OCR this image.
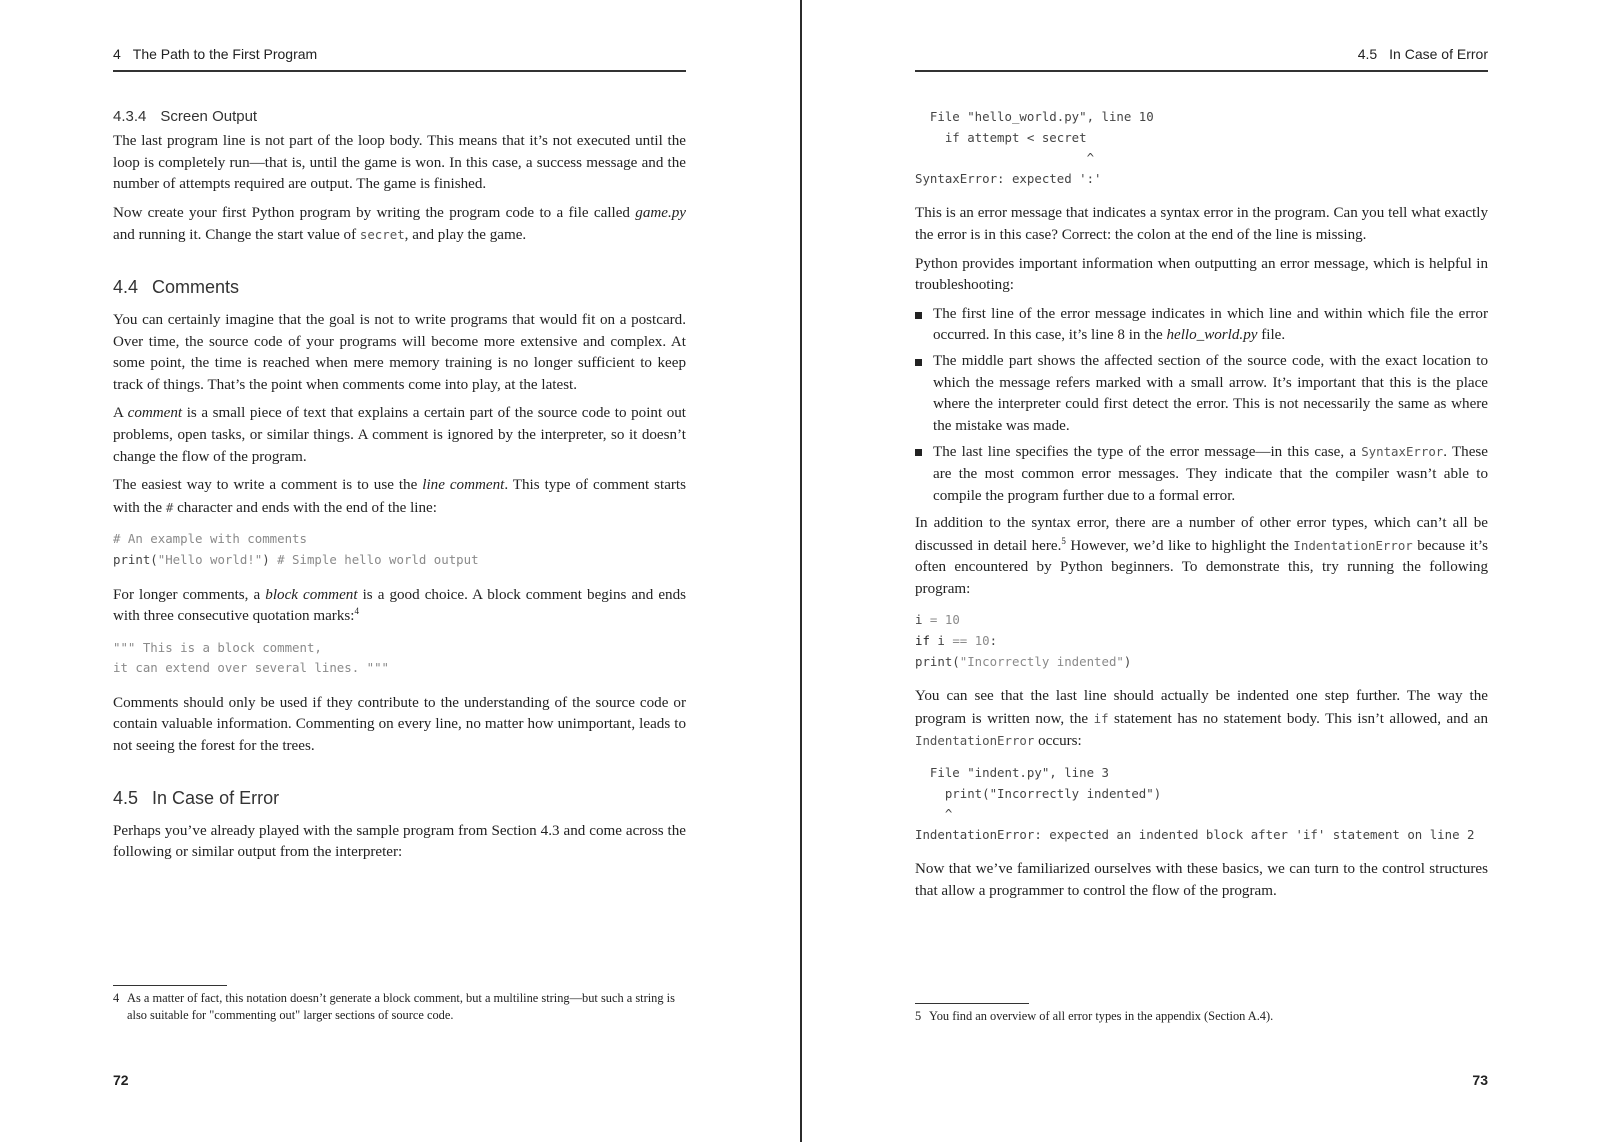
4 The Path to the First Program
4.3.4 Screen Output

The last program line is not part of the loop body. This means that it’s not executed until the loop is completely run—that is, until the game is won. In this case, a success message and the number of attempts required are output. The game is finished.

Now create your first Python program by writing the program code to a file called game.py and running it. Change the start value of secret, and play the game.

4.4 Comments

You can certainly imagine that the goal is not to write programs that would fit on a postcard. Over time, the source code of your programs will become more extensive and complex. At some point, the time is reached when mere memory training is no longer sufficient to keep track of things. That’s the point when comments come into play, at the latest.

A comment is a small piece of text that explains a certain part of the source code to point out problems, open tasks, or similar things. A comment is ignored by the interpreter, so it doesn’t change the flow of the program.

The easiest way to write a comment is to use the line comment. This type of comment starts with the # character and ends with the end of the line:

# An example with comments
print("Hello world!") # Simple hello world output

For longer comments, a block comment is a good choice. A block comment begins and ends with three consecutive quotation marks:$^4$

""" This is a block comment,
it can extend over several lines. """

Comments should only be used if they contribute to the understanding of the source code or contain valuable information. Commenting on every line, no matter how unimportant, leads to not seeing the forest for the trees.

4.5 In Case of Error

Perhaps you’ve already played with the sample program from Section 4.3 and come across the following or similar output from the interpreter:

4 As a matter of fact, this notation doesn’t generate a block comment, but a multiline string—but such a string is also suitable for "commenting out" larger sections of source code.
72
4.5 In Case of Error
File "hello_world.py", line 10
if attempt < secret
^
SyntaxError: expected ':'

This is an error message that indicates a syntax error in the program. Can you tell what exactly the error is in this case? Correct: the colon at the end of the line is missing.

Python provides important information when outputting an error message, which is helpful in troubleshooting:

The first line of the error message indicates in which line and within which file the error occurred. In this case, it’s line 8 in the hello_world.py file.
The middle part shows the affected section of the source code, with the exact location to which the message refers marked with a small arrow. It’s important that this is the place where the interpreter could first detect the error. This is not necessarily the same as where the mistake was made.
The last line specifies the type of the error message—in this case, a SyntaxError. These are the most common error messages. They indicate that the compiler wasn’t able to compile the program further due to a formal error.

In addition to the syntax error, there are a number of other error types, which can’t all be discussed in detail here.$^5$ However, we’d like to highlight the IndentationError because it’s often encountered by Python beginners. To demonstrate this, try running the following program:

i = 10
if i == 10:
print("Incorrectly indented")

You can see that the last line should actually be indented one step further. The way the program is written now, the if statement has no statement body. This isn’t allowed, and an IndentationError occurs:

File "indent.py", line 3
print("Incorrectly indented")
^
IndentationError: expected an indented block after 'if' statement on line 2

Now that we’ve familiarized ourselves with these basics, we can turn to the control structures that allow a programmer to control the flow of the program.

5 You find an overview of all error types in the appendix (Section A.4).
73
